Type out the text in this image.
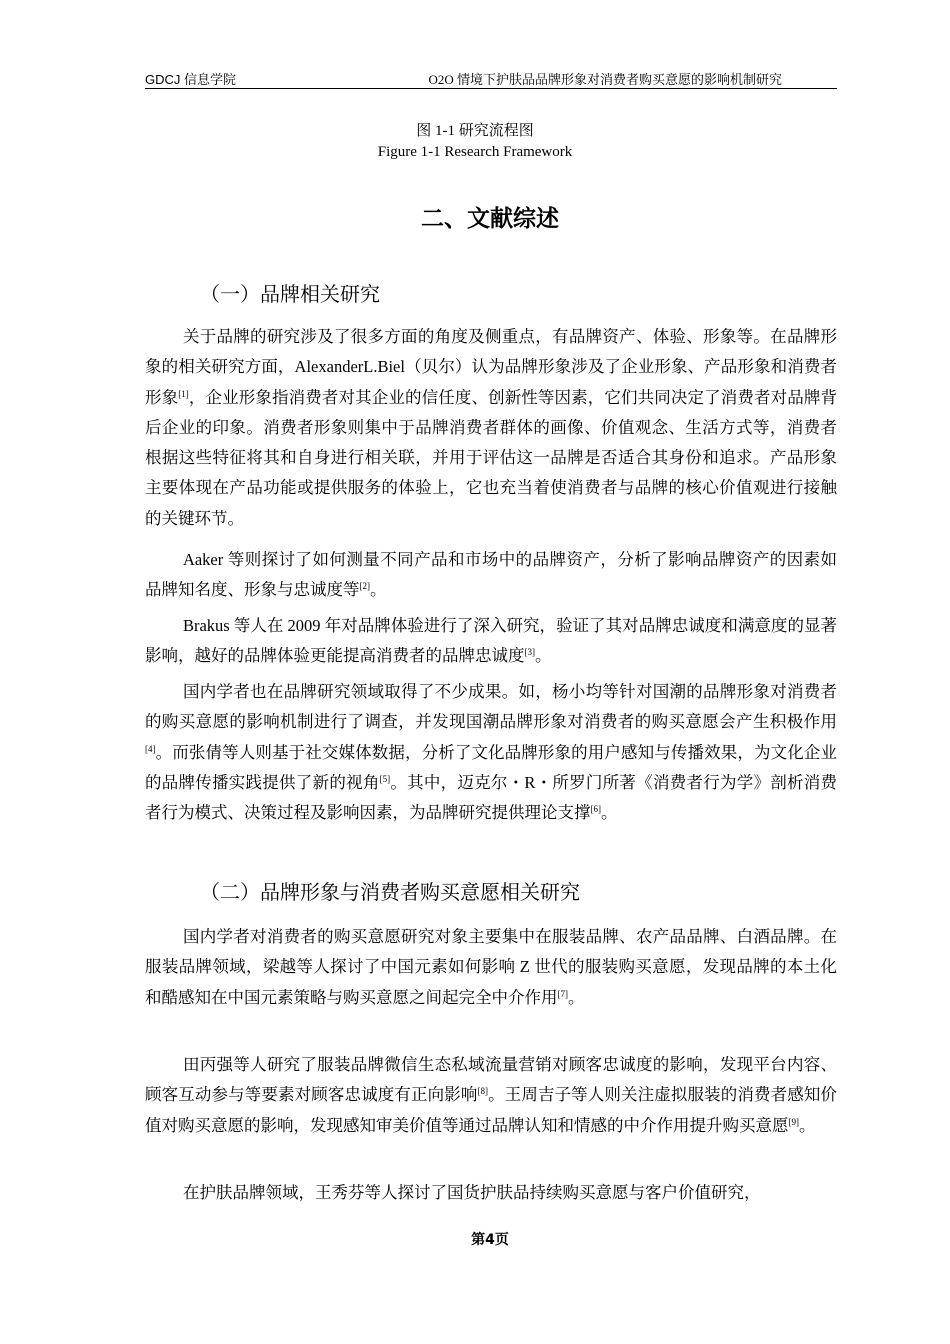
GDCJ 信息学院	O2O 情境下护肤品品牌形象对消费者购买意愿的影响机制研究
图 1-1 研究流程图
Figure 1-1 Research Framework
二、文献综述
（一）品牌相关研究

关于品牌的研究涉及了很多方面的角度及侧重点，有品牌资产、体验、形象等。在品牌形象的相关研究方面，AlexanderL.Biel（贝尔）认为品牌形象涉及了企业形象、产品形象和消费者形象[1]，企业形象指消费者对其企业的信任度、创新性等因素，它们共同决定了消费者对品牌背后企业的印象。消费者形象则集中于品牌消费者群体的画像、价值观念、生活方式等，消费者根据这些特征将其和自身进行相关联，并用于评估这一品牌是否适合其身份和追求。产品形象主要体现在产品功能或提供服务的体验上，它也充当着使消费者与品牌的核心价值观进行接触的关键环节。

Aaker 等则探讨了如何测量不同产品和市场中的品牌资产，分析了影响品牌资产的因素如品牌知名度、形象与忠诚度等[2]。

Brakus 等人在 2009 年对品牌体验进行了深入研究，验证了其对品牌忠诚度和满意度的显著影响，越好的品牌体验更能提高消费者的品牌忠诚度[3]。

国内学者也在品牌研究领域取得了不少成果。如，杨小均等针对国潮的品牌形象对消费者的购买意愿的影响机制进行了调查，并发现国潮品牌形象对消费者的购买意愿会产生积极作用[4]。而张倩等人则基于社交媒体数据，分析了文化品牌形象的用户感知与传播效果，为文化企业的品牌传播实践提供了新的视角[5]。其中，迈克尔・R・所罗门所著《消费者行为学》剖析消费者行为模式、决策过程及影响因素，为品牌研究提供理论支撑[6]。

（二）品牌形象与消费者购买意愿相关研究

国内学者对消费者的购买意愿研究对象主要集中在服装品牌、农产品品牌、白酒品牌。在服装品牌领域，梁越等人探讨了中国元素如何影响 Z 世代的服装购买意愿，发现品牌的本土化和酷感知在中国元素策略与购买意愿之间起完全中介作用[7]。

田丙强等人研究了服装品牌微信生态私域流量营销对顾客忠诚度的影响，发现平台内容、顾客互动参与等要素对顾客忠诚度有正向影响[8]。王周吉子等人则关注虚拟服装的消费者感知价值对购买意愿的影响，发现感知审美价值等通过品牌认知和情感的中介作用提升购买意愿[9]。

在护肤品牌领域，王秀芬等人探讨了国货护肤品持续购买意愿与客户价值研究，

第4页
